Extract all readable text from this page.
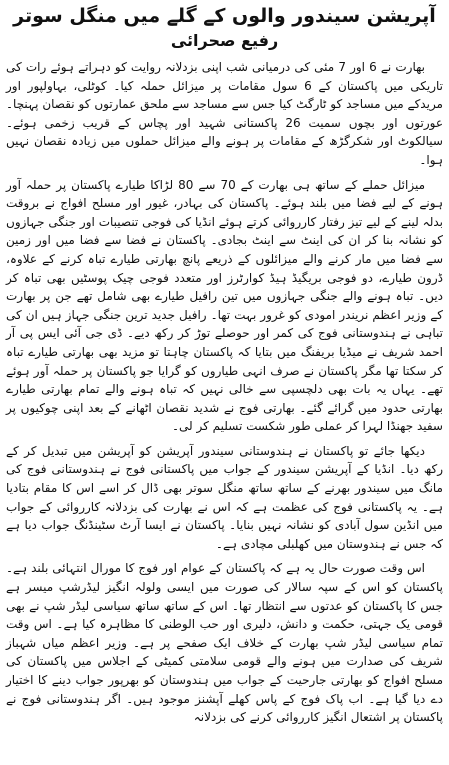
آپریشن سیندور والوں کے گلے میں منگل سوتر
رفیع صحرائی

بھارت نے 6 اور 7 مئی کی درمیانی شب اپنی بزدلانہ روایت کو دہراتے ہوئے رات کی تاریکی میں پاکستان کے 6 سول مقامات پر میزائل حملہ کیا۔ کوٹلی، بہاولپور اور مریدکے میں مساجد کو ٹارگٹ کیا جس سے مساجد سے ملحق عمارتوں کو نقصان پہنچا۔ عورتوں اور بچوں سمیت 26 پاکستانی شہید اور پچاس کے قریب زخمی ہوئے۔ سیالکوٹ اور شکرگڑھ کے مقامات پر ہونے والے میزائل حملوں میں زیادہ نقصان نہیں ہوا۔

میزائل حملے کے ساتھ ہی بھارت کے 70 سے 80 لڑاکا طیارے پاکستان پر حملہ آور ہونے کے لیے فضا میں بلند ہوئے۔ پاکستان کی بہادر، غیور اور مسلح افواج نے بروقت بدلہ لینے کے لیے تیز رفتار کارروائی کرتے ہوئے انڈیا کی فوجی تنصیبات اور جنگی جہازوں کو نشانہ بنا کر ان کی اینٹ سے اینٹ بجادی۔ پاکستان نے فضا سے فضا میں اور زمین سے فضا میں مار کرنے والے میزائلوں کے ذریعے پانچ بھارتی طیارے تباہ کرنے کے علاوہ، ڈرون طیارے، دو فوجی بریگیڈ ہیڈ کوارٹرز اور متعدد فوجی چیک پوسٹیں بھی تباہ کر دیں۔ تباہ ہونے والے جنگی جہازوں میں تین رافیل طیارے بھی شامل تھے جن پر بھارت کے وزیر اعظم نریندر امودی کو غرور بہت تھا۔ رافیل جدید ترین جنگی جہاز ہیں ان کی تباہی نے ہندوستانی فوج کی کمر اور حوصلے توڑ کر رکھ دیے۔ ڈی جی آئی ایس پی آر احمد شریف نے میڈیا بریفنگ میں بتایا کہ پاکستان چاہتا تو مزید بھی بھارتی طیارے تباہ کر سکتا تھا مگر پاکستان نے صرف انہی طیاروں کو گرایا جو پاکستان پر حملہ آور ہوئے تھے۔ یہاں یہ بات بھی دلچسپی سے خالی نہیں کہ تباہ ہونے والے تمام بھارتی طیارے بھارتی حدود میں گرائے گئے۔ بھارتی فوج نے شدید نقصان اٹھانے کے بعد اپنی چوکیوں پر سفید جھنڈا لہرا کر عملی طور شکست تسلیم کر لی۔

دیکھا جائے تو پاکستان نے ہندوستانی سیندور آپریشن کو آپریشن میں تبدیل کر کے رکھ دیا۔ انڈیا کے آپریشن سیندور کے جواب میں پاکستانی فوج نے ہندوستانی فوج کی مانگ میں سیندور بھرنے کے ساتھ ساتھ منگل سوتر بھی ڈال کر اسے اس کا مقام بتادیا ہے۔ یہ پاکستانی فوج کی عظمت ہے کہ اس نے بھارت کی بزدلانہ کارروائی کے جواب میں انڈین سول آبادی کو نشانہ نہیں بنایا۔ پاکستان نے ایسا آرٹ سٹینڈنگ جواب دیا ہے کہ جس نے ہندوستان میں کھلبلی مچادی ہے۔

اس وقت صورت حال یہ ہے کہ پاکستان کے عوام اور فوج کا مورال انتہائی بلند ہے۔ پاکستان کو اس کے سپہ سالار کی صورت میں ایسی ولولہ انگیز لیڈرشپ میسر ہے جس کا پاکستان کو عدتوں سے انتظار تھا۔ اس کے ساتھ ساتھ سیاسی لیڈر شپ نے بھی قومی یک جہتی، حکمت و دانش، دلیری اور حب الوطنی کا مظاہرہ کیا ہے۔ اس وقت تمام سیاسی لیڈر شپ بھارت کے خلاف ایک صفحے پر ہے۔ وزیر اعظم میاں شہباز شریف کی صدارت میں ہونے والے قومی سلامتی کمیٹی کے اجلاس میں پاکستان کی مسلح افواج کو بھارتی جارحیت کے جواب میں ہندوستان کو بھرپور جواب دینے کا اختیار دے دیا گیا ہے۔ اب پاک فوج کے پاس کھلے آپشنز موجود ہیں۔ اگر ہندوستانی فوج نے پاکستان پر اشتعال انگیز کارروائی کرنے کی بزدلانہ
